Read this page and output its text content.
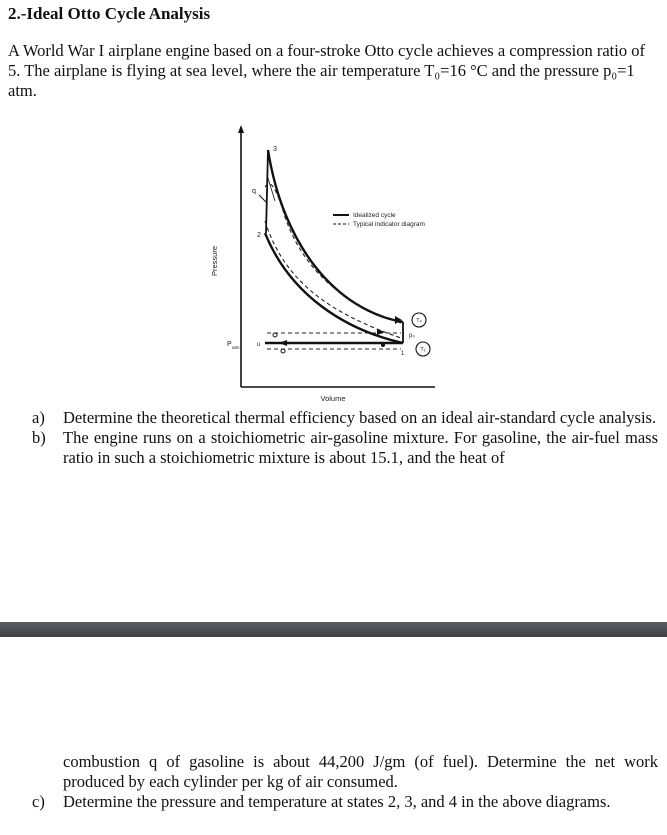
2.-Ideal Otto Cycle Analysis

A World War I airplane engine based on a four-stroke Otto cycle achieves a compression ratio of 5. The airplane is flying at sea level, where the air temperature T₀=16 °C and the pressure p₀=1 atm.

Pressure
Volume
3
q
2
P atm	u
p₀
1
T₄
T₁
Idealized cycle
Typical indicator diagram
a) Determine the theoretical thermal efficiency based on an ideal air-standard cycle analysis.
b) The engine runs on a stoichiometric air-gasoline mixture. For gasoline, the air-fuel mass ratio in such a stoichiometric mixture is about 15.1, and the heat of
combustion q of gasoline is about 44,200 J/gm (of fuel). Determine the net work produced by each cylinder per kg of air consumed.
c) Determine the pressure and temperature at states 2, 3, and 4 in the above diagrams.
